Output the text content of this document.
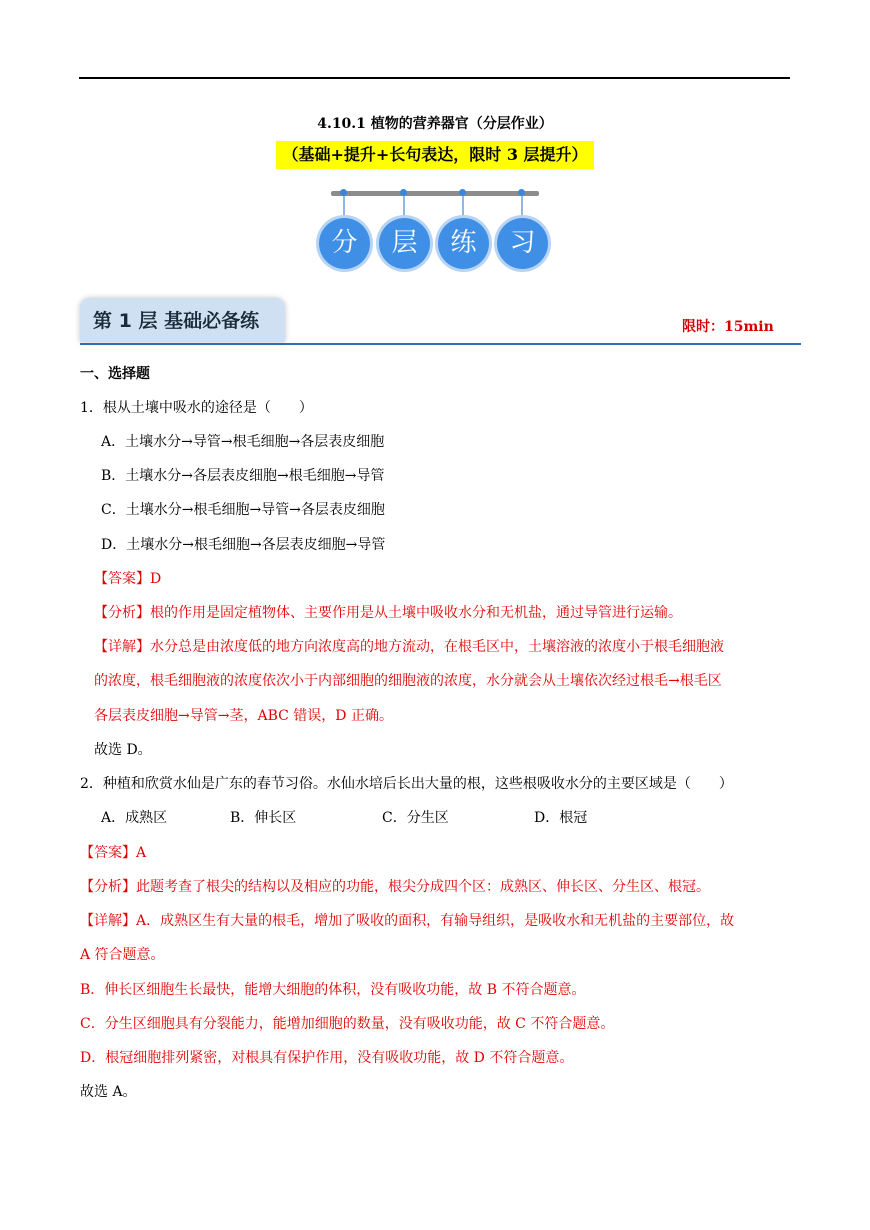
4.10.1 植物的营养器官（分层作业）
（基础+提升+长句表达，限时 3 层提升）
分	层	练	习
第 1 层 基础必备练	限时：15min
一、选择题
1．根从土壤中吸水的途径是（　　）
A．土壤水分→导管→根毛细胞→各层表皮细胞
B．土壤水分→各层表皮细胞→根毛细胞→导管
C．土壤水分→根毛细胞→导管→各层表皮细胞
D．土壤水分→根毛细胞→各层表皮细胞→导管
【答案】D
【分析】根的作用是固定植物体、主要作用是从土壤中吸收水分和无机盐，通过导管进行运输。
【详解】水分总是由浓度低的地方向浓度高的地方流动，在根毛区中，土壤溶液的浓度小于根毛细胞液
的浓度，根毛细胞液的浓度依次小于内部细胞的细胞液的浓度，水分就会从土壤依次经过根毛→根毛区
各层表皮细胞→导管→茎，ABC 错误，D 正确。
故选 D。
2．种植和欣赏水仙是广东的春节习俗。水仙水培后长出大量的根，这些根吸收水分的主要区域是（　　）
A．成熟区	B．伸长区	C．分生区	D．根冠
【答案】A
【分析】此题考查了根尖的结构以及相应的功能，根尖分成四个区：成熟区、伸长区、分生区、根冠。
【详解】A．成熟区生有大量的根毛，增加了吸收的面积，有输导组织，是吸收水和无机盐的主要部位，故
A 符合题意。
B．伸长区细胞生长最快，能增大细胞的体积，没有吸收功能，故 B 不符合题意。
C．分生区细胞具有分裂能力，能增加细胞的数量，没有吸收功能，故 C 不符合题意。
D．根冠细胞排列紧密，对根具有保护作用，没有吸收功能，故 D 不符合题意。
故选 A。
